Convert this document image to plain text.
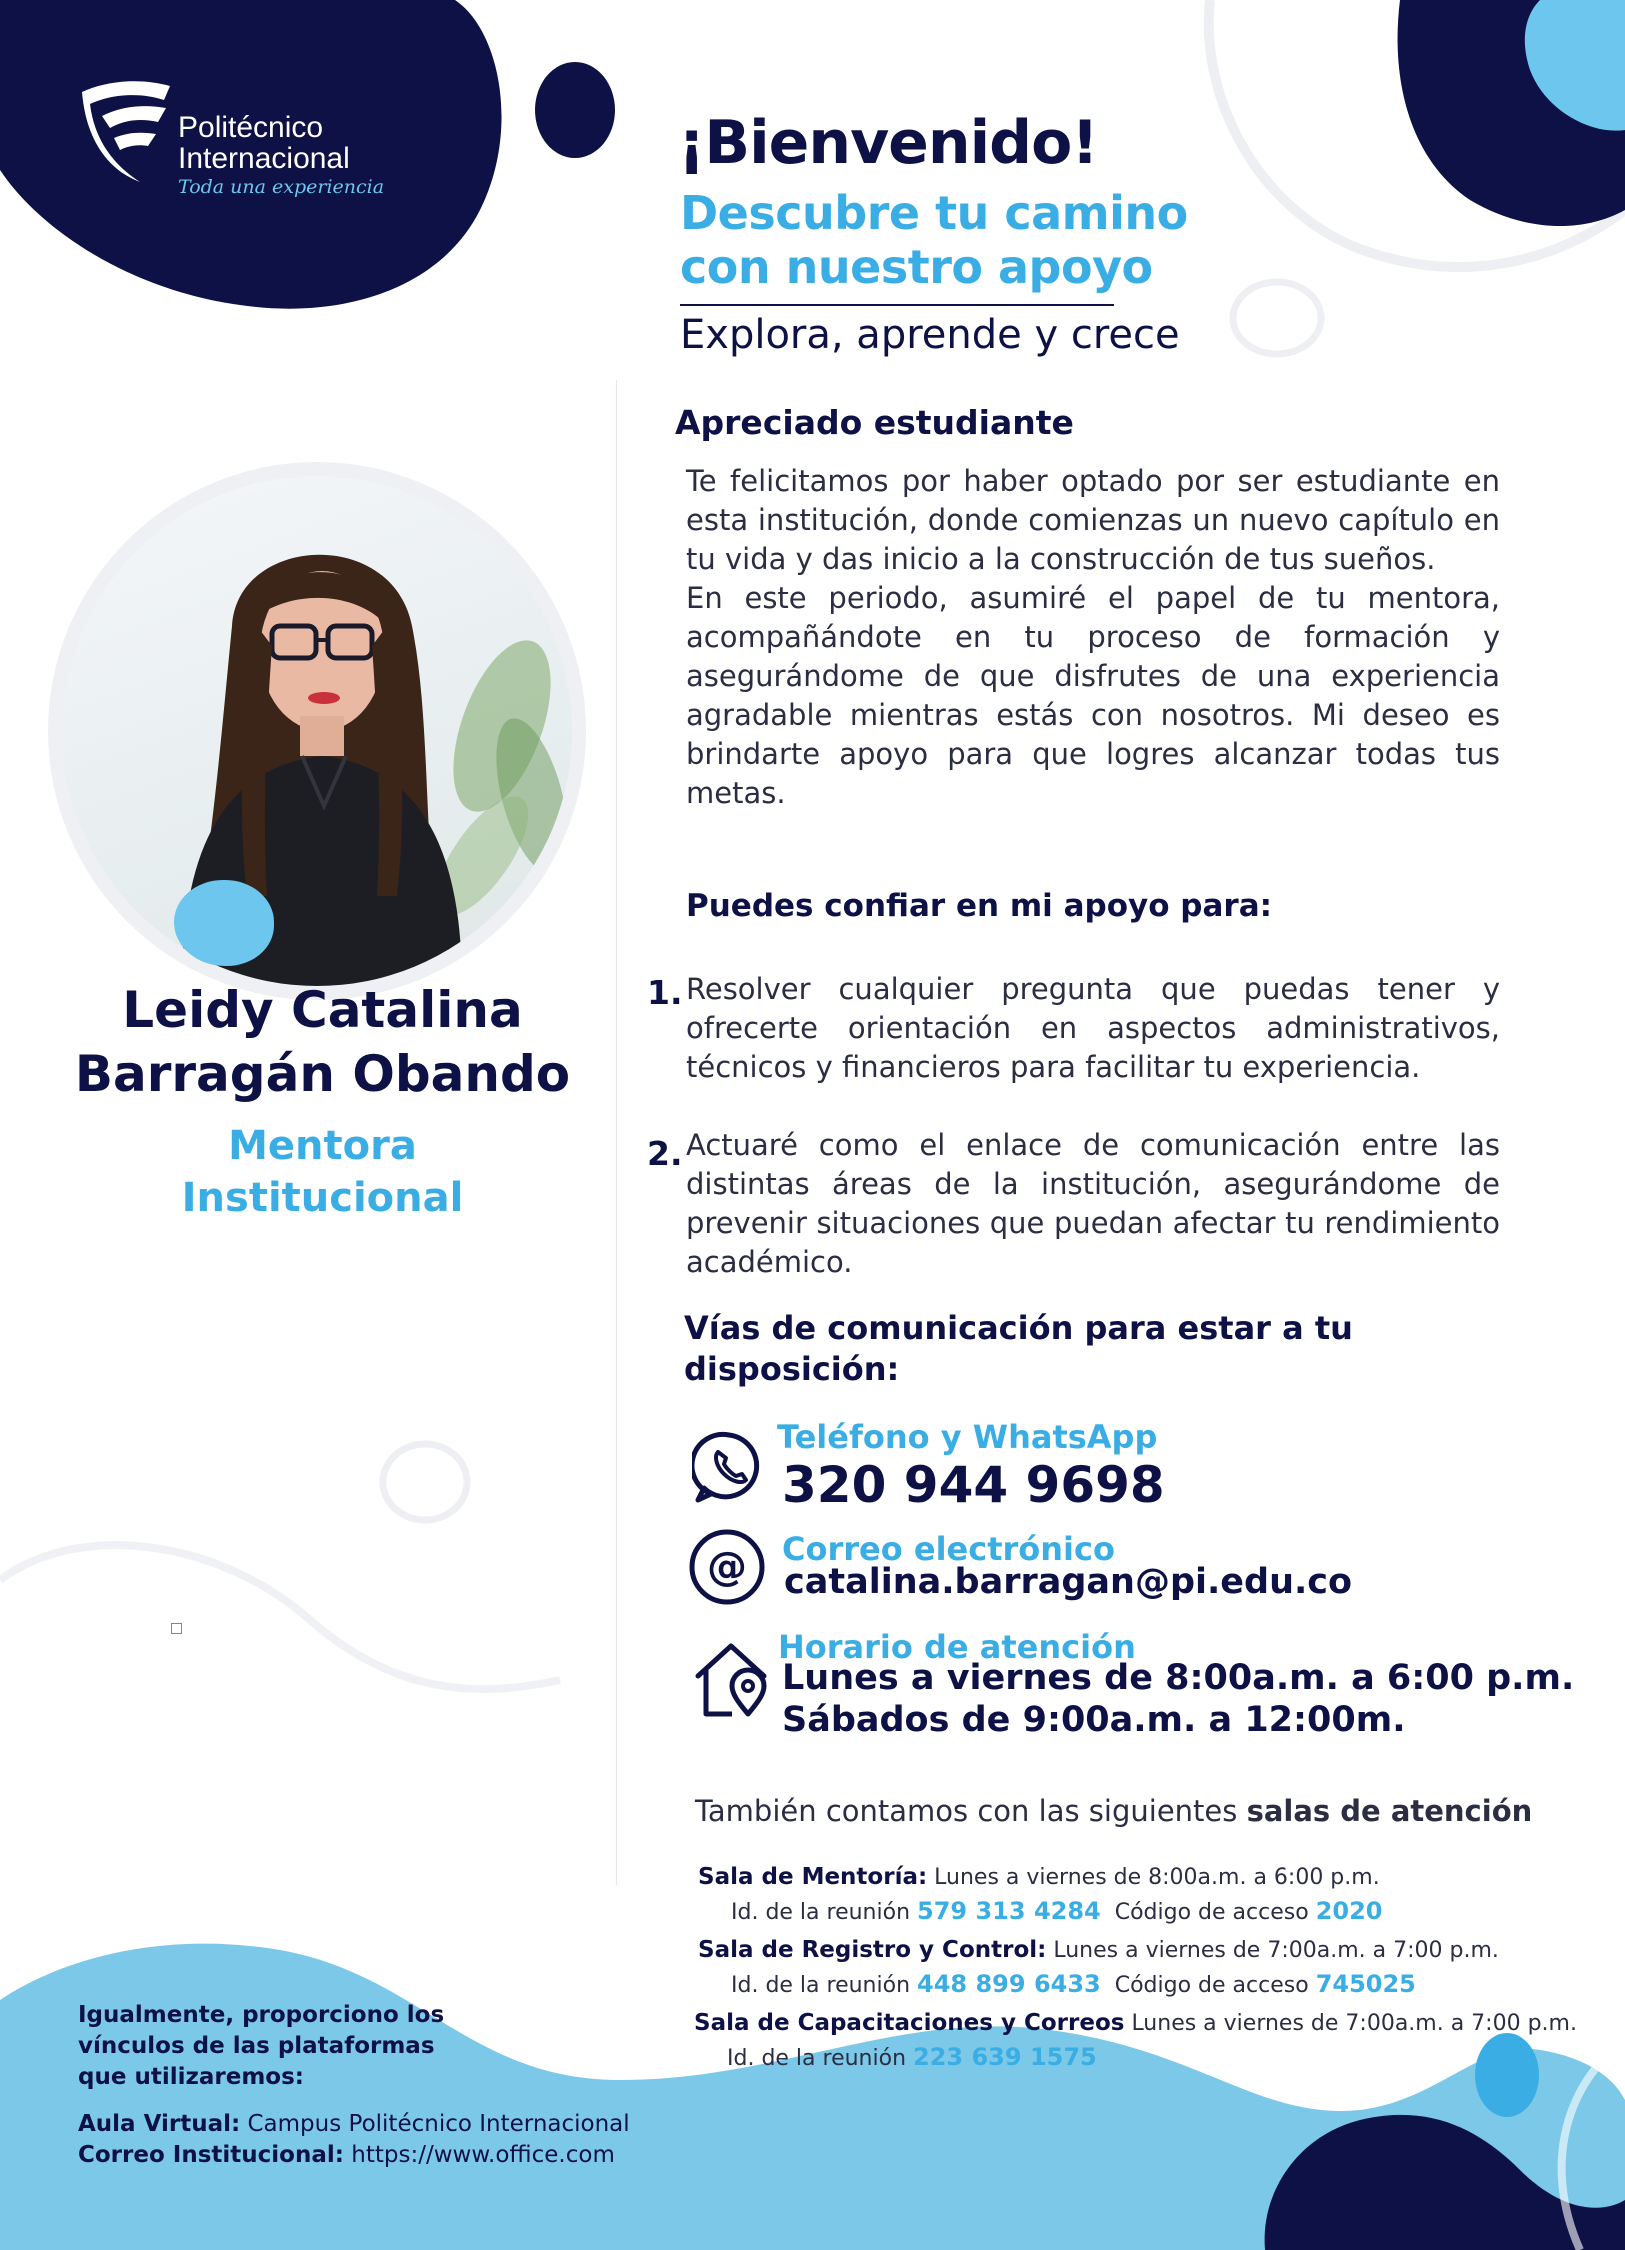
Politécnico
Internacional
Toda una experiencia
¡Bienvenido!
Descubre tu camino
con nuestro apoyo
Explora, aprende y crece
Leidy Catalina
Barragán Obando
Mentora
Institucional
Apreciado estudiante
Te felicitamos por haber optado por ser estudiante en esta institución, donde comienzas un nuevo capítulo en tu vida y das inicio a la construcción de tus sueños.
En este periodo, asumiré el papel de tu mentora, acompañándote en tu proceso de formación y asegurándome de que disfrutes de una experiencia agradable mientras estás con nosotros. Mi deseo es brindarte apoyo para que logres alcanzar todas tus metas.
Puedes confiar en mi apoyo para:
1. Resolver cualquier pregunta que puedas tener y ofrecerte orientación en aspectos administrativos, técnicos y financieros para facilitar tu experiencia.
2. Actuaré como el enlace de comunicación entre las distintas áreas de la institución, asegurándome de prevenir situaciones que puedan afectar tu rendimiento académico.
Vías de comunicación para estar a tu
disposición:
Teléfono y WhatsApp
320 944 9698
@ Correo electrónico
catalina.barragan@pi.edu.co
Horario de atención
Lunes a viernes de 8:00a.m. a 6:00 p.m.
Sábados de 9:00a.m. a 12:00m.
También contamos con las siguientes salas de atención
Sala de Mentoría: Lunes a viernes de 8:00a.m. a 6:00 p.m.
Id. de la reunión 579 313 4284 Código de acceso 2020
Sala de Registro y Control: Lunes a viernes de 7:00a.m. a 7:00 p.m.
Id. de la reunión 448 899 6433 Código de acceso 745025
Sala de Capacitaciones y Correos Lunes a viernes de 7:00a.m. a 7:00 p.m.
Id. de la reunión 223 639 1575

Igualmente, proporciono los

vínculos de las plataformas

que utilizaremos:

Aula Virtual: Campus Politécnico Internacional

Correo Institucional: https://www.office.com
